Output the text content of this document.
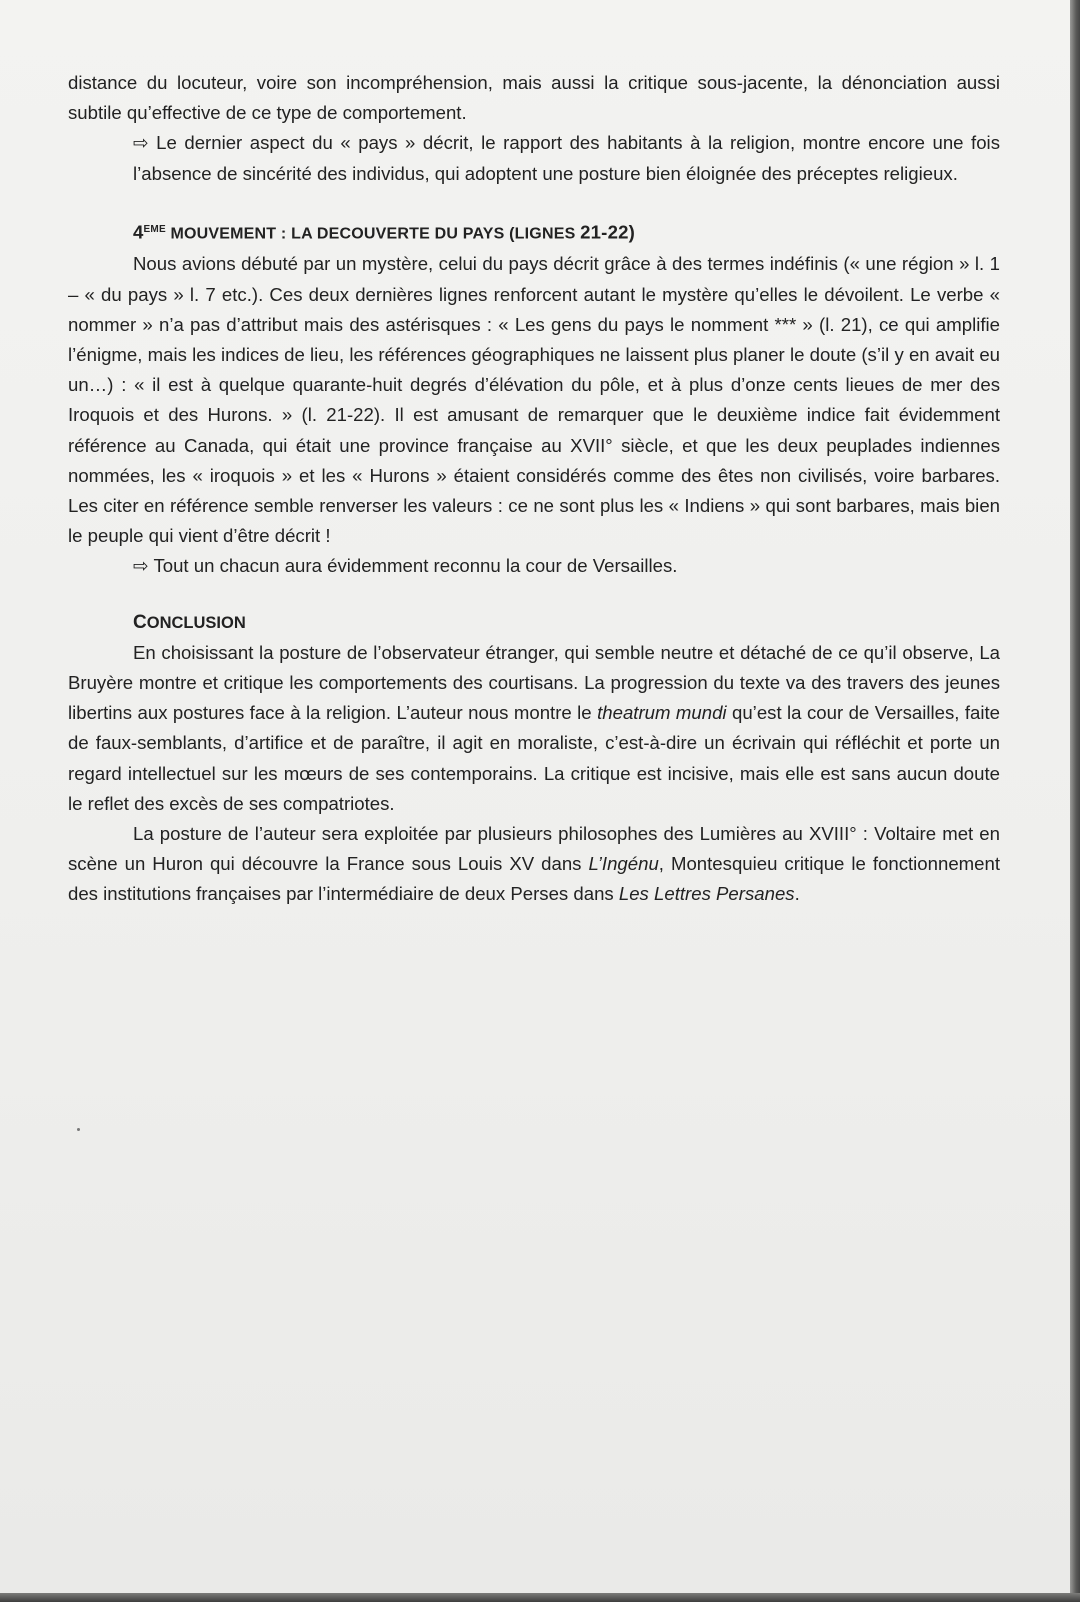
distance du locuteur, voire son incompréhension, mais aussi la critique sous-jacente, la dénonciation aussi subtile qu’effective de ce type de comportement.

⇨ Le dernier aspect du « pays » décrit, le rapport des habitants à la religion, montre encore une fois l’absence de sincérité des individus, qui adoptent une posture bien éloignée des préceptes religieux.

4EME MOUVEMENT : LA DECOUVERTE DU PAYS (LIGNES 21-22)

Nous avions débuté par un mystère, celui du pays décrit grâce à des termes indéfinis (« une région » l. 1 – « du pays » l. 7 etc.). Ces deux dernières lignes renforcent autant le mystère qu’elles le dévoilent. Le verbe « nommer » n’a pas d’attribut mais des astérisques : « Les gens du pays le nomment *** » (l. 21), ce qui amplifie l’énigme, mais les indices de lieu, les références géographiques ne laissent plus planer le doute (s’il y en avait eu un…) : « il est à quelque quarante-huit degrés d’élévation du pôle, et à plus d’onze cents lieues de mer des Iroquois et des Hurons. » (l. 21-22). Il est amusant de remarquer que le deuxième indice fait évidemment référence au Canada, qui était une province française au XVII° siècle, et que les deux peuplades indiennes nommées, les « iroquois » et les « Hurons » étaient considérés comme des êtes non civilisés, voire barbares. Les citer en référence semble renverser les valeurs : ce ne sont plus les « Indiens » qui sont barbares, mais bien le peuple qui vient d’être décrit !

⇨ Tout un chacun aura évidemment reconnu la cour de Versailles.

CONCLUSION

En choisissant la posture de l’observateur étranger, qui semble neutre et détaché de ce qu’il observe, La Bruyère montre et critique les comportements des courtisans. La progression du texte va des travers des jeunes libertins aux postures face à la religion. L’auteur nous montre le theatrum mundi qu’est la cour de Versailles, faite de faux-semblants, d’artifice et de paraître, il agit en moraliste, c’est-à-dire un écrivain qui réfléchit et porte un regard intellectuel sur les mœurs de ses contemporains. La critique est incisive, mais elle est sans aucun doute le reflet des excès de ses compatriotes.

La posture de l’auteur sera exploitée par plusieurs philosophes des Lumières au XVIII° : Voltaire met en scène un Huron qui découvre la France sous Louis XV dans L’Ingénu, Montesquieu critique le fonctionnement des institutions françaises par l’intermédiaire de deux Perses dans Les Lettres Persanes.
